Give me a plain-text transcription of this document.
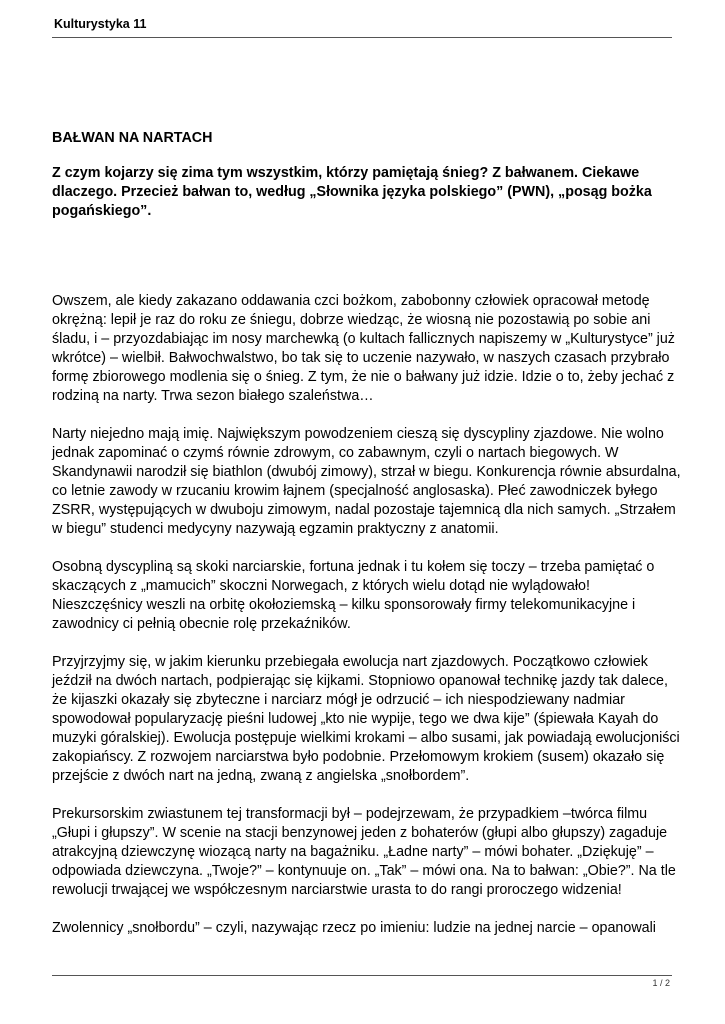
Kulturystyka 11
BAŁWAN NA NARTACH

Z czym kojarzy się zima tym wszystkim, którzy pamiętają śnieg? Z bałwanem. Ciekawe dlaczego. Przecież bałwan to, według „Słownika języka polskiego” (PWN), „posąg bożka pogańskiego”.

Owszem, ale kiedy zakazano oddawania czci bożkom, zabobonny człowiek opracował metodę okrężną: lepił je raz do roku ze śniegu, dobrze wiedząc, że wiosną nie pozostawią po sobie ani śladu, i – przyozdabiając im nosy marchewką (o kultach fallicznych napiszemy w „Kulturystyce” już wkrótce) – wielbił. Bałwochwalstwo, bo tak się to uczenie nazywało, w naszych czasach przybrało formę zbiorowego modlenia się o śnieg. Z tym, że nie o bałwany już idzie. Idzie o to, żeby jechać z rodziną na narty. Trwa sezon białego szaleństwa…

Narty niejedno mają imię. Największym powodzeniem cieszą się dyscypliny zjazdowe. Nie wolno jednak zapominać o czymś równie zdrowym, co zabawnym, czyli o nartach biegowych. W Skandynawii narodził się biathlon (dwubój zimowy), strzał w biegu. Konkurencja równie absurdalna, co letnie zawody w rzucaniu krowim łajnem (specjalność anglosaska). Płeć zawodniczek byłego ZSRR, występujących w dwuboju zimowym, nadal pozostaje tajemnicą dla nich samych. „Strzałem w biegu” studenci medycyny nazywają egzamin praktyczny z anatomii.

Osobną dyscypliną są skoki narciarskie, fortuna jednak i tu kołem się toczy – trzeba pamiętać o skaczących z „mamucich” skoczni Norwegach, z których wielu dotąd nie wylądowało! Nieszczęśnicy weszli na orbitę okołoziemską – kilku sponsorowały firmy telekomunikacyjne i zawodnicy ci pełnią obecnie rolę przekaźników.

Przyjrzyjmy się, w jakim kierunku przebiegała ewolucja nart zjazdowych. Początkowo człowiek jeździł na dwóch nartach, podpierając się kijkami. Stopniowo opanował technikę jazdy tak dalece, że kijaszki okazały się zbyteczne i narciarz mógł je odrzucić – ich niespodziewany nadmiar spowodował popularyzację pieśni ludowej „kto nie wypije, tego we dwa kije” (śpiewała Kayah do muzyki góralskiej). Ewolucja postępuje wielkimi krokami – albo susami, jak powiadają ewolucjoniści zakopiańscy. Z rozwojem narciarstwa było podobnie. Przełomowym krokiem (susem) okazało się przejście z dwóch nart na jedną, zwaną z angielska „snołbordem”.

Prekursorskim zwiastunem tej transformacji był – podejrzewam, że przypadkiem –twórca filmu „Głupi i głupszy”. W scenie na stacji benzynowej jeden z bohaterów (głupi albo głupszy) zagaduje atrakcyjną dziewczynę wiozącą narty na bagażniku. „Ładne narty” – mówi bohater. „Dziękuję” – odpowiada dziewczyna. „Twoje?” – kontynuuje on. „Tak” – mówi ona. Na to bałwan: „Obie?”. Na tle rewolucji trwającej we współczesnym narciarstwie urasta to do rangi proroczego widzenia!

Zwolennicy „snołbordu” – czyli, nazywając rzecz po imieniu: ludzie na jednej narcie – opanowali

1 / 2
